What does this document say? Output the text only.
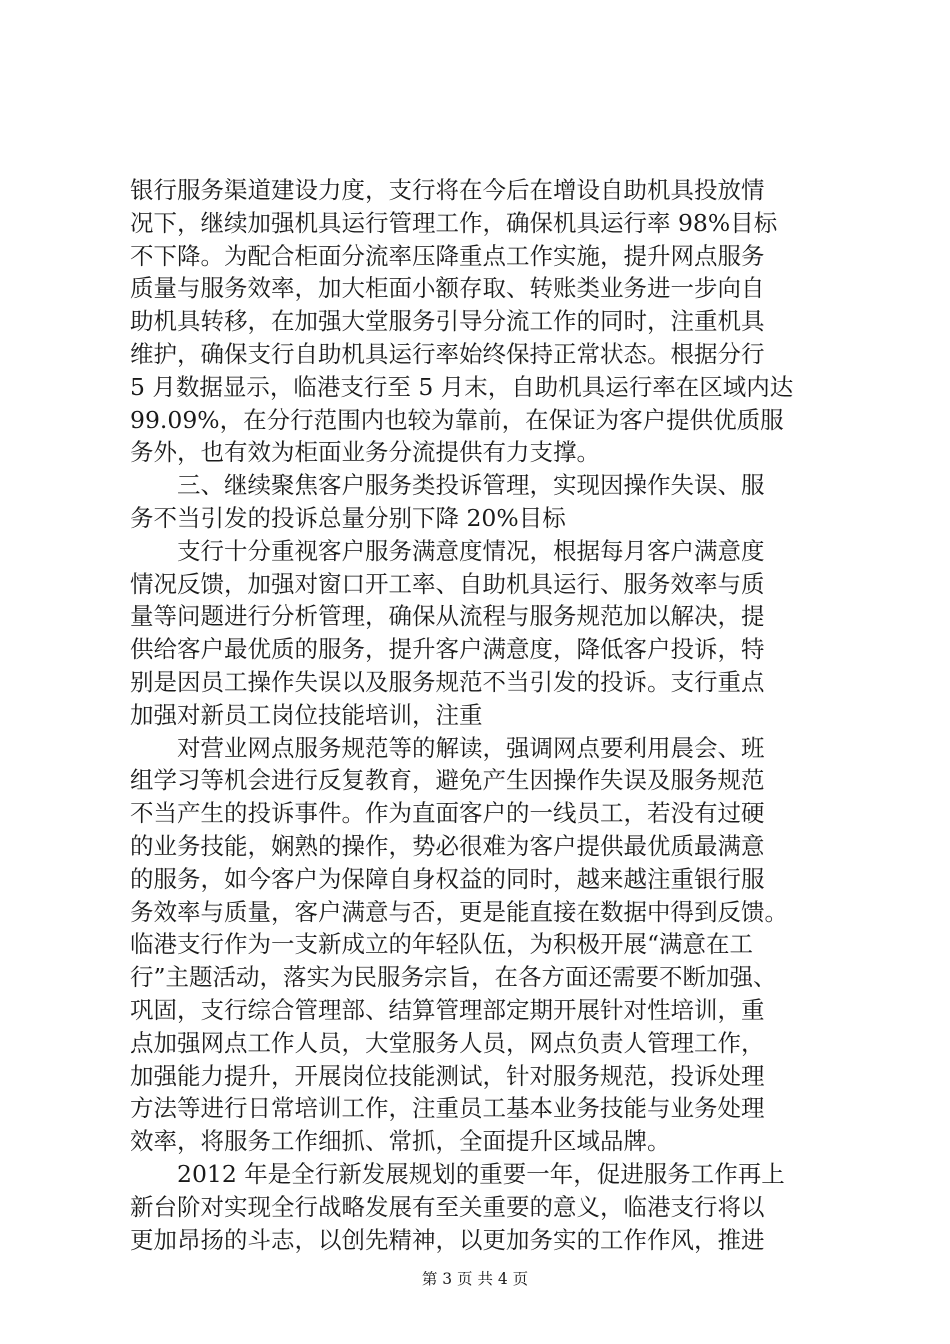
银行服务渠道建设力度，支行将在今后在增设自助机具投放情
况下，继续加强机具运行管理工作，确保机具运行率 98%目标
不下降。为配合柜面分流率压降重点工作实施，提升网点服务
质量与服务效率，加大柜面小额存取、转账类业务进一步向自
助机具转移，在加强大堂服务引导分流工作的同时，注重机具
维护，确保支行自助机具运行率始终保持正常状态。根据分行
5 月数据显示，临港支行至 5 月末，自助机具运行率在区域内达
99.09%，在分行范围内也较为靠前，在保证为客户提供优质服
务外，也有效为柜面业务分流提供有力支撑。
三、继续聚焦客户服务类投诉管理，实现因操作失误、服
务不当引发的投诉总量分别下降 20%目标
支行十分重视客户服务满意度情况，根据每月客户满意度
情况反馈，加强对窗口开工率、自助机具运行、服务效率与质
量等问题进行分析管理，确保从流程与服务规范加以解决，提
供给客户最优质的服务，提升客户满意度，降低客户投诉，特
别是因员工操作失误以及服务规范不当引发的投诉。支行重点
加强对新员工岗位技能培训，注重
对营业网点服务规范等的解读，强调网点要利用晨会、班
组学习等机会进行反复教育，避免产生因操作失误及服务规范
不当产生的投诉事件。作为直面客户的一线员工，若没有过硬
的业务技能，娴熟的操作，势必很难为客户提供最优质最满意
的服务，如今客户为保障自身权益的同时，越来越注重银行服
务效率与质量，客户满意与否，更是能直接在数据中得到反馈。
临港支行作为一支新成立的年轻队伍，为积极开展“满意在工
行”主题活动，落实为民服务宗旨，在各方面还需要不断加强、
巩固，支行综合管理部、结算管理部定期开展针对性培训，重
点加强网点工作人员，大堂服务人员，网点负责人管理工作，
加强能力提升，开展岗位技能测试，针对服务规范，投诉处理
方法等进行日常培训工作，注重员工基本业务技能与业务处理
效率，将服务工作细抓、常抓，全面提升区域品牌。
2012 年是全行新发展规划的重要一年，促进服务工作再上
新台阶对实现全行战略发展有至关重要的意义，临港支行将以
更加昂扬的斗志，以创先精神，以更加务实的工作作风，推进
第 3 页 共 4 页
